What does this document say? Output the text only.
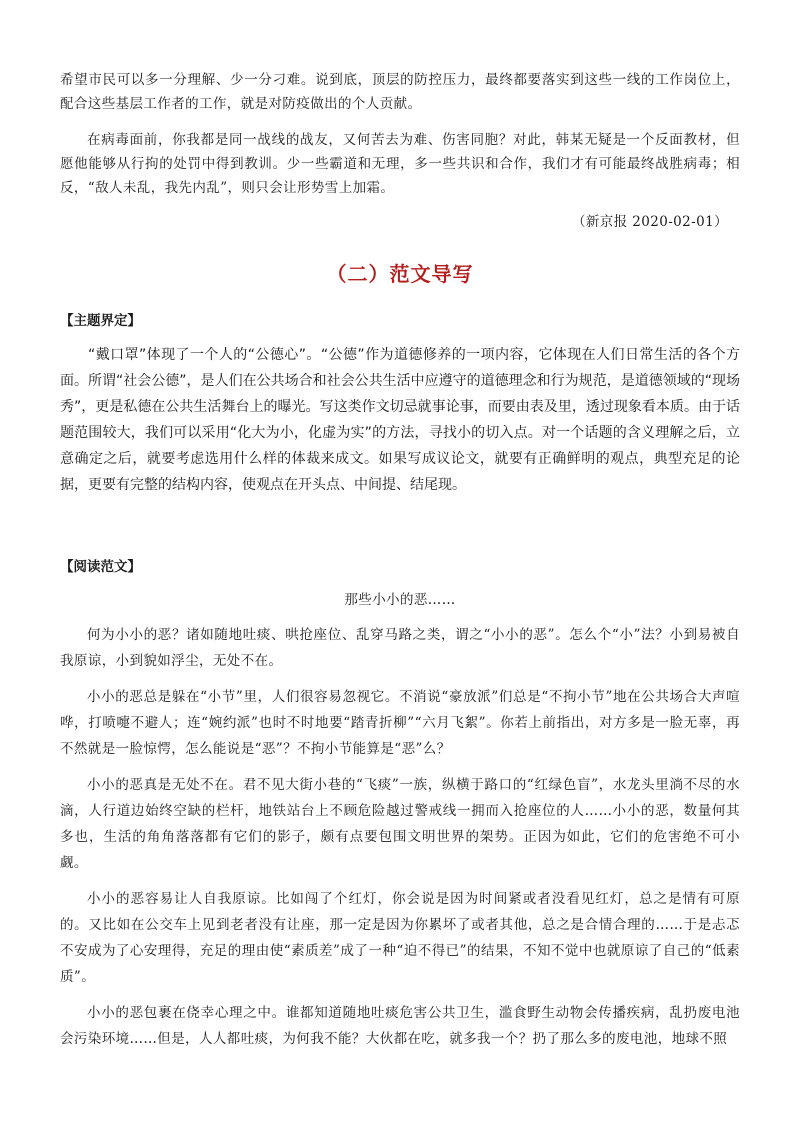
希望市民可以多一分理解、少一分刁难。说到底，顶层的防控压力，最终都要落实到这些一线的工作岗位上，配合这些基层工作者的工作，就是对防疫做出的个人贡献。

在病毒面前，你我都是同一战线的战友，又何苦去为难、伤害同胞？对此，韩某无疑是一个反面教材，但愿他能够从行拘的处罚中得到教训。少一些霸道和无理，多一些共识和合作，我们才有可能最终战胜病毒；相反，“敌人未乱，我先内乱”，则只会让形势雪上加霜。

（新京报 2020-02-01）

（二）范文导写
【主题界定】

“戴口罩”体现了一个人的“公德心”。“公德”作为道德修养的一项内容，它体现在人们日常生活的各个方面。所谓“社会公德”，是人们在公共场合和社会公共生活中应遵守的道德理念和行为规范，是道德领域的“现场秀”，更是私德在公共生活舞台上的曝光。写这类作文切忌就事论事，而要由表及里，透过现象看本质。由于话题范围较大，我们可以采用“化大为小，化虚为实”的方法，寻找小的切入点。对一个话题的含义理解之后，立意确定之后，就要考虑选用什么样的体裁来成文。如果写成议论文，就要有正确鲜明的观点，典型充足的论据，更要有完整的结构内容，使观点在开头点、中间提、结尾现。

【阅读范文】
那些小小的恶……

何为小小的恶？诸如随地吐痰、哄抢座位、乱穿马路之类，谓之“小小的恶”。怎么个“小”法？小到易被自我原谅，小到貌如浮尘，无处不在。

小小的恶总是躲在“小节”里，人们很容易忽视它。不消说“豪放派”们总是“不拘小节”地在公共场合大声喧哗，打喷嚏不避人；连“婉约派”也时不时地要“踏青折柳”“六月飞絮”。你若上前指出，对方多是一脸无辜，再不然就是一脸惊愕，怎么能说是“恶”？不拘小节能算是“恶”么？

小小的恶真是无处不在。君不见大街小巷的“飞痰”一族，纵横于路口的“红绿色盲”，水龙头里淌不尽的水滴，人行道边始终空缺的栏杆，地铁站台上不顾危险越过警戒线一拥而入抢座位的人……小小的恶，数量何其多也，生活的角角落落都有它们的影子，颇有点要包围文明世界的架势。正因为如此，它们的危害绝不可小觑。

小小的恶容易让人自我原谅。比如闯了个红灯，你会说是因为时间紧或者没看见红灯，总之是情有可原的。又比如在公交车上见到老者没有让座，那一定是因为你累坏了或者其他，总之是合情合理的……于是忐忑不安成为了心安理得，充足的理由使“素质差”成了一种“迫不得已”的结果，不知不觉中也就原谅了自己的“低素质”。

小小的恶包裹在侥幸心理之中。谁都知道随地吐痰危害公共卫生，滥食野生动物会传播疾病，乱扔废电池会污染环境……但是，人人都吐痰，为何我不能？大伙都在吃，就多我一个？扔了那么多的废电池，地球不照
